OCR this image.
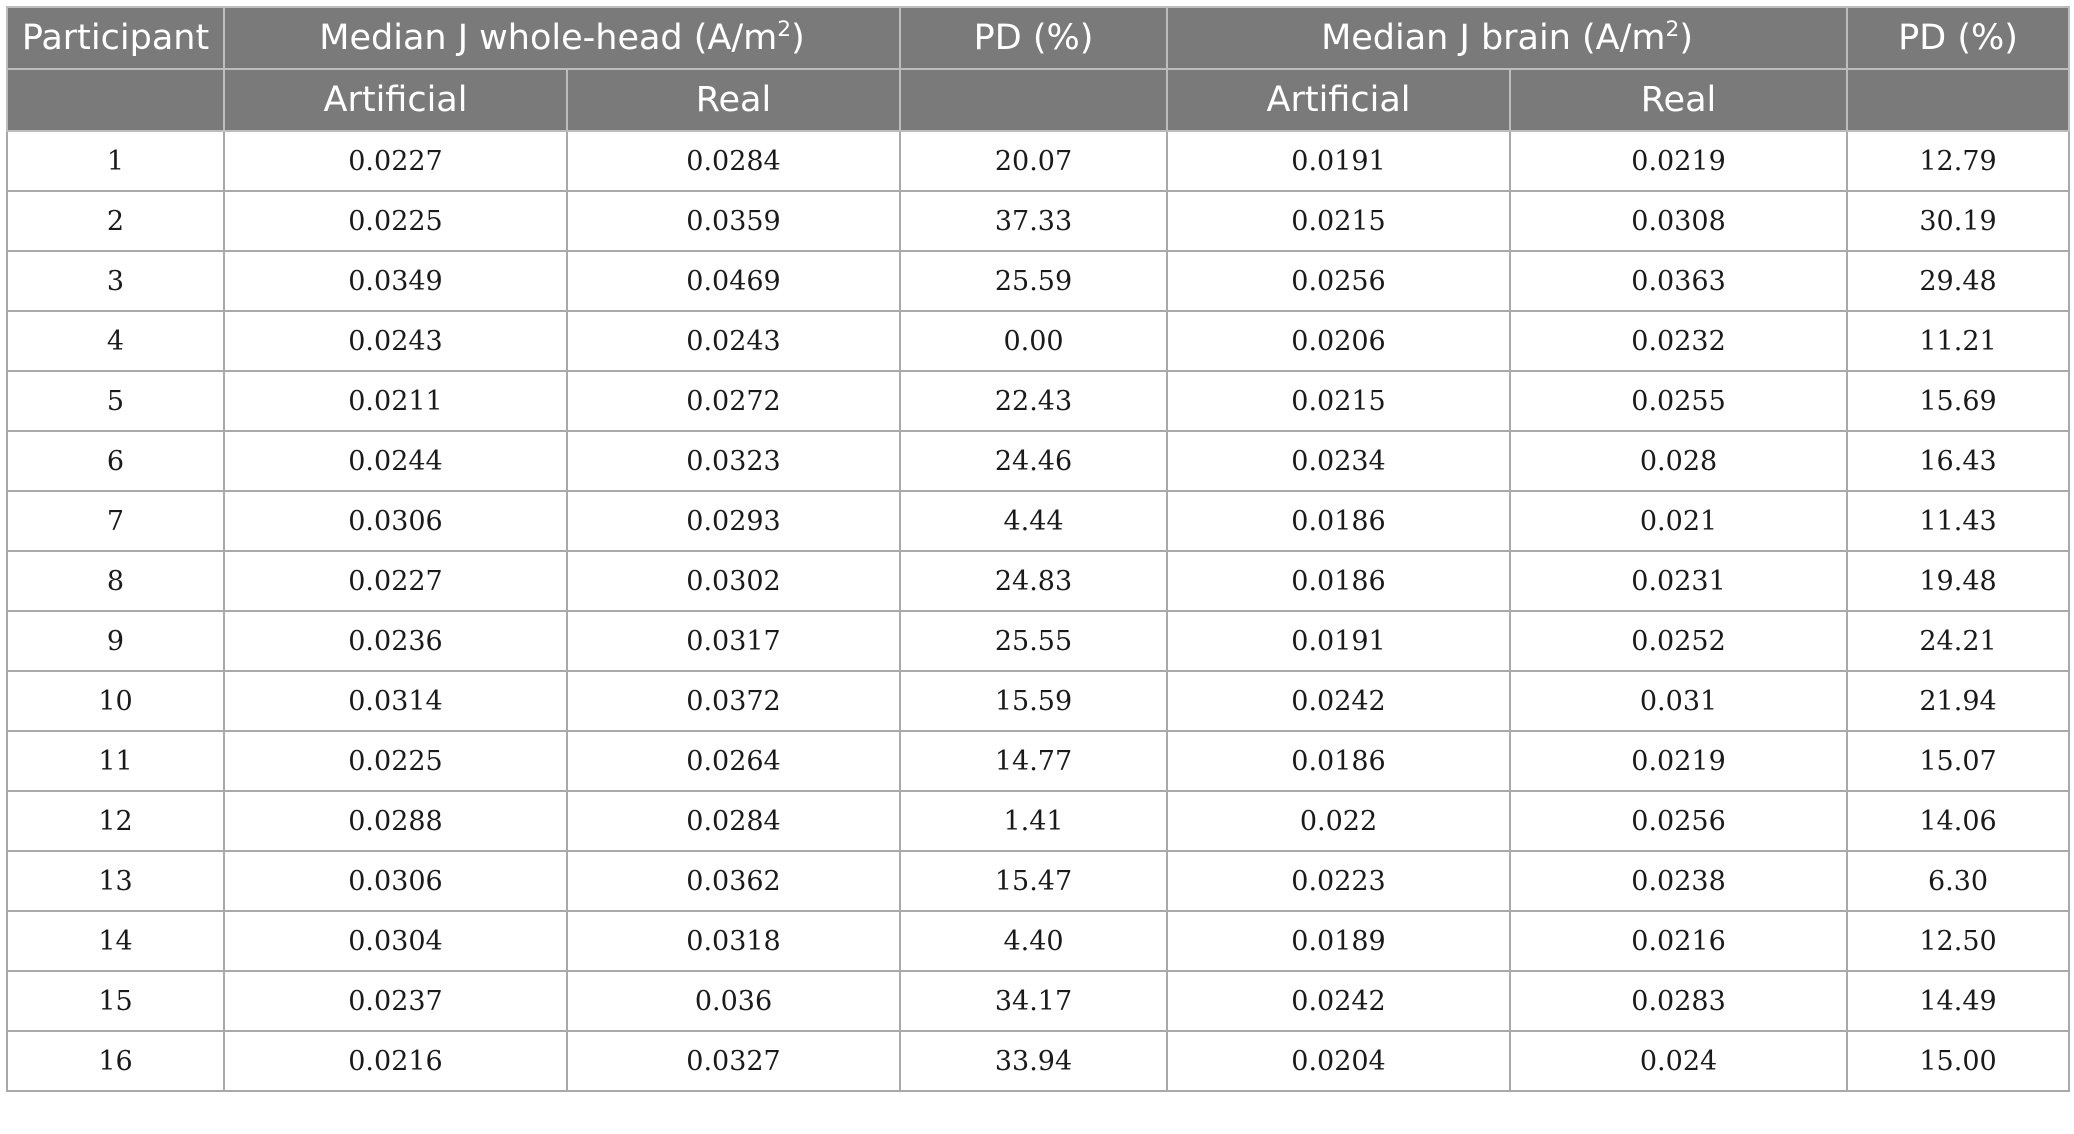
Participant	Median J whole-head $(A/m^2)$		PD (%)	Median J brain $(A/m^2)$		PD (%)
	Artificial	Real		Artificial	Real	
1	0.0227	0.0284	20.07	0.0191	0.0219	12.79
2	0.0225	0.0359	37.33	0.0215	0.0308	30.19
3	0.0349	0.0469	25.59	0.0256	0.0363	29.48
4	0.0243	0.0243	0.00	0.0206	0.0232	11.21
5	0.0211	0.0272	22.43	0.0215	0.0255	15.69
6	0.0244	0.0323	24.46	0.0234	0.028	16.43
7	0.0306	0.0293	4.44	0.0186	0.021	11.43
8	0.0227	0.0302	24.83	0.0186	0.0231	19.48
9	0.0236	0.0317	25.55	0.0191	0.0252	24.21
10	0.0314	0.0372	15.59	0.0242	0.031	21.94
11	0.0225	0.0264	14.77	0.0186	0.0219	15.07
12	0.0288	0.0284	1.41	0.022	0.0256	14.06
13	0.0306	0.0362	15.47	0.0223	0.0238	6.30
14	0.0304	0.0318	4.40	0.0189	0.0216	12.50
15	0.0237	0.036	34.17	0.0242	0.0283	14.49
16	0.0216	0.0327	33.94	0.0204	0.024	15.00
